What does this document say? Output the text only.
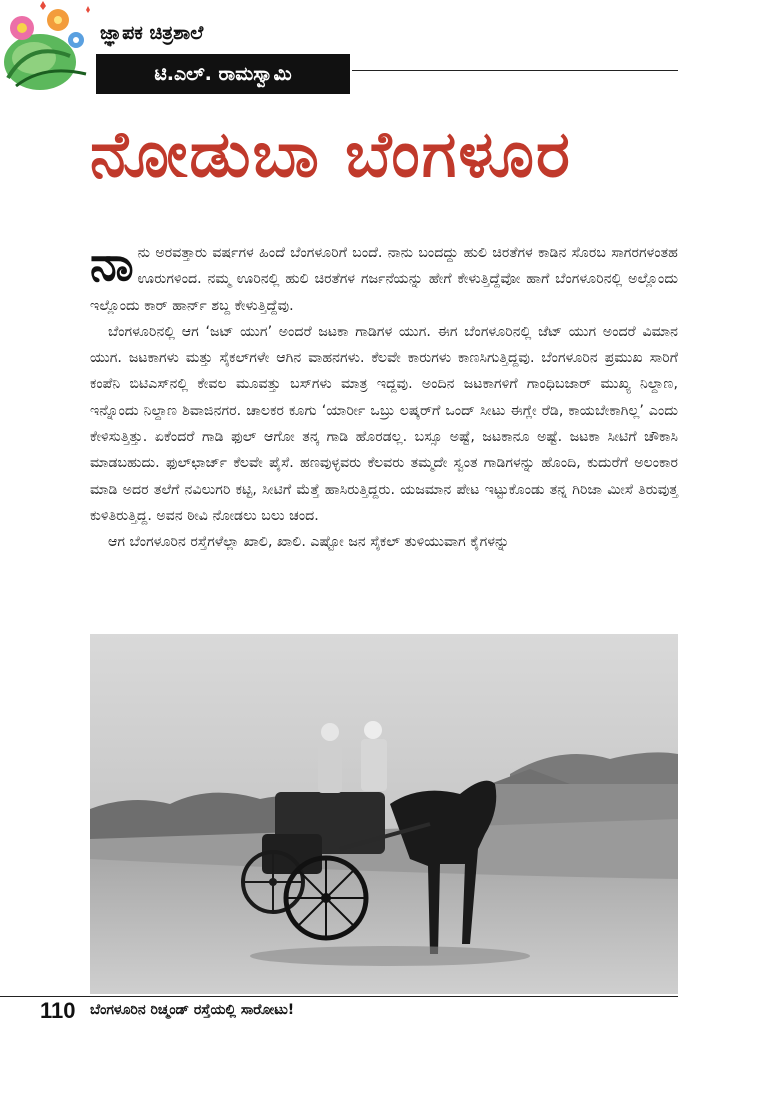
ಜ್ಞಾಪಕ ಚಿತ್ರಶಾಲೆ
ಟಿ.ಎಲ್. ರಾಮಸ್ವಾಮಿ
ನೋಡುಬಾ ಬೆಂಗಳೂರ

ನಾನು ಅರವತ್ತಾರು ವರ್ಷಗಳ ಹಿಂದೆ ಬೆಂಗಳೂರಿಗೆ ಬಂದೆ. ನಾನು ಬಂದದ್ದು ಹುಲಿ ಚಿರತೆಗಳ ಕಾಡಿನ ಸೊರಬ ಸಾಗರಗಳಂತಹ ಊರುಗಳಿಂದ. ನಮ್ಮ ಊರಿನಲ್ಲಿ ಹುಲಿ ಚಿರತೆಗಳ ಗರ್ಜನೆಯನ್ನು ಹೇಗೆ ಕೇಳುತ್ತಿದ್ದೆವೋ ಹಾಗೆ ಬೆಂಗಳೂರಿನಲ್ಲಿ ಅಲ್ಲೊಂದು ಇಲ್ಲೊಂದು ಕಾರ್ ಹಾರ್ನ್ ಶಬ್ದ ಕೇಳುತ್ತಿದ್ದೆವು.

ಬೆಂಗಳೂರಿನಲ್ಲಿ ಆಗ ‘ಜಟ್ ಯುಗ’ ಅಂದರೆ ಜಟಕಾ ಗಾಡಿಗಳ ಯುಗ. ಈಗ ಬೆಂಗಳೂರಿನಲ್ಲಿ ಜೆಟ್ ಯುಗ ಅಂದರೆ ವಿಮಾನ ಯುಗ. ಜಟಕಾಗಳು ಮತ್ತು ಸೈಕಲ್‌ಗಳೇ ಆಗಿನ ವಾಹನಗಳು. ಕೆಲವೇ ಕಾರುಗಳು ಕಾಣಸಿಗುತ್ತಿದ್ದವು. ಬೆಂಗಳೂರಿನ ಪ್ರಮುಖ ಸಾರಿಗೆ ಕಂಪೆನಿ ಬಿಟಿಎಸ್‌ನಲ್ಲಿ ಕೇವಲ ಮೂವತ್ತು ಬಸ್‌ಗಳು ಮಾತ್ರ ಇದ್ದವು. ಅಂದಿನ ಜಟಕಾಗಳಿಗೆ ಗಾಂಧಿಬಜಾರ್ ಮುಖ್ಯ ನಿಲ್ದಾಣ, ಇನ್ನೊಂದು ನಿಲ್ದಾಣ ಶಿವಾಜಿನಗರ. ಚಾಲಕರ ಕೂಗು ‘ಯಾರ್ರೀ ಒಬ್ರು ಲಷ್ಕರ್‌ಗೆ ಒಂದ್ ಸೀಟು ಈಗ್ಲೇ ರೆಡಿ, ಕಾಯಬೇಕಾಗಿಲ್ಲ’ ಎಂದು ಕೇಳಿಸುತ್ತಿತ್ತು. ಏಕೆಂದರೆ ಗಾಡಿ ಫುಲ್ ಆಗೋ ತನ್ಕ ಗಾಡಿ ಹೊರಡಲ್ಲ. ಬಸ್ಸೂ ಅಷ್ಟೆ, ಜಟಕಾನೂ ಅಷ್ಟೆ. ಜಟಕಾ ಸೀಟಿಗೆ ಚೌಕಾಸಿ ಮಾಡಬಹುದು. ಫುಲ್‌ಛಾರ್ಜ್ ಕೆಲವೇ ಪೈಸೆ. ಹಣವುಳ್ಳವರು ಕೆಲವರು ತಮ್ಮದೇ ಸ್ವಂತ ಗಾಡಿಗಳನ್ನು ಹೊಂದಿ, ಕುದುರೆಗೆ ಅಲಂಕಾರ ಮಾಡಿ ಅದರ ತಲೆಗೆ ನವಿಲುಗರಿ ಕಟ್ಟಿ, ಸೀಟಿಗೆ ಮೆತ್ತೆ ಹಾಸಿರುತ್ತಿದ್ದರು. ಯಜಮಾನ ಪೇಟ ಇಟ್ಟುಕೊಂಡು ತನ್ನ ಗಿರಿಜಾ ಮೀಸೆ ತಿರುವುತ್ತ ಕುಳಿತಿರುತ್ತಿದ್ದ. ಅವನ ಠೀವಿ ನೋಡಲು ಬಲು ಚಂದ.

ಆಗ ಬೆಂಗಳೂರಿನ ರಸ್ತೆಗಳೆಲ್ಲಾ ಖಾಲಿ, ಖಾಲಿ. ಎಷ್ಟೋ ಜನ ಸೈಕಲ್ ತುಳಿಯುವಾಗ ಕೈಗಳನ್ನು

110 ಬೆಂಗಳೂರಿನ ರಿಚ್ಮಂಡ್ ರಸ್ತೆಯಲ್ಲಿ ಸಾರೋಟು!
